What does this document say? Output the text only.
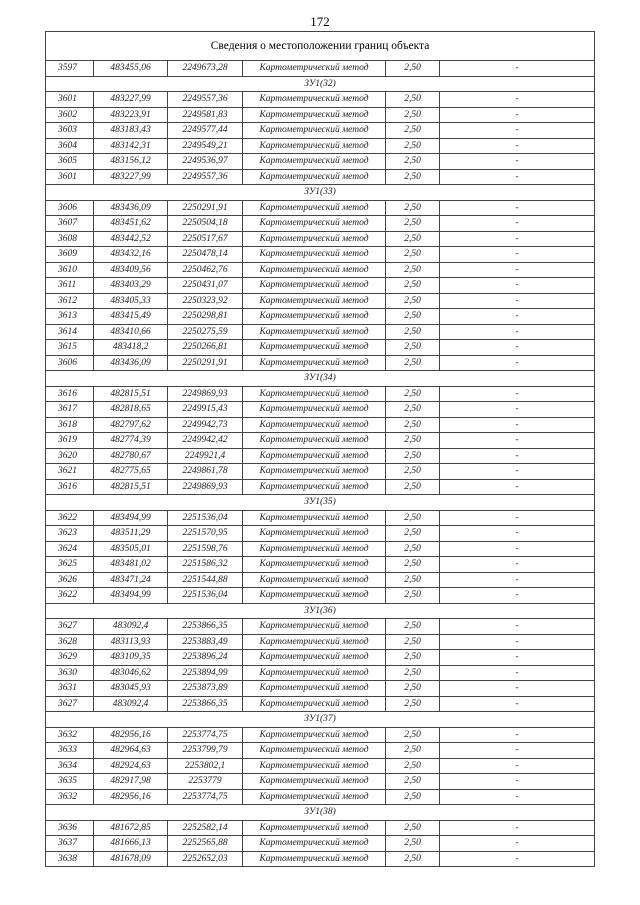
172
Сведения о местоположении границ объекта					
3597	483455,06	2249673,28	Картометрический метод	2,50	-
ЗУ1(32)					
3601	483227,99	2249557,36	Картометрический метод	2,50	-
3602	483223,91	2249581,83	Картометрический метод	2,50	-
3603	483183,43	2249577,44	Картометрический метод	2,50	-
3604	483142,31	2249549,21	Картометрический метод	2,50	-
3605	483156,12	2249536,97	Картометрический метод	2,50	-
3601	483227,99	2249557,36	Картометрический метод	2,50	-
ЗУ1(33)					
3606	483436,09	2250291,91	Картометрический метод	2,50	-
3607	483451,62	2250504,18	Картометрический метод	2,50	-
3608	483442,52	2250517,67	Картометрический метод	2,50	-
3609	483432,16	2250478,14	Картометрический метод	2,50	-
3610	483409,56	2250462,76	Картометрический метод	2,50	-
3611	483403,29	2250431,07	Картометрический метод	2,50	-
3612	483405,33	2250323,92	Картометрический метод	2,50	-
3613	483415,49	2250298,81	Картометрический метод	2,50	-
3614	483410,66	2250275,59	Картометрический метод	2,50	-
3615	483418,2	2250266,81	Картометрический метод	2,50	-
3606	483436,09	2250291,91	Картометрический метод	2,50	-
ЗУ1(34)					
3616	482815,51	2249869,93	Картометрический метод	2,50	-
3617	482818,65	2249915,43	Картометрический метод	2,50	-
3618	482797,62	2249942,73	Картометрический метод	2,50	-
3619	482774,39	2249942,42	Картометрический метод	2,50	-
3620	482780,67	2249921,4	Картометрический метод	2,50	-
3621	482775,65	2249861,78	Картометрический метод	2,50	-
3616	482815,51	2249869,93	Картометрический метод	2,50	-
ЗУ1(35)					
3622	483494,99	2251536,04	Картометрический метод	2,50	-
3623	483511,29	2251570,95	Картометрический метод	2,50	-
3624	483505,01	2251598,76	Картометрический метод	2,50	-
3625	483481,02	2251586,32	Картометрический метод	2,50	-
3626	483471,24	2251544,88	Картометрический метод	2,50	-
3622	483494,99	2251536,04	Картометрический метод	2,50	-
ЗУ1(36)					
3627	483092,4	2253866,35	Картометрический метод	2,50	-
3628	483113,93	2253883,49	Картометрический метод	2,50	-
3629	483109,35	2253896,24	Картометрический метод	2,50	-
3630	483046,62	2253894,99	Картометрический метод	2,50	-
3631	483045,93	2253873,89	Картометрический метод	2,50	-
3627	483092,4	2253866,35	Картометрический метод	2,50	-
ЗУ1(37)					
3632	482956,16	2253774,75	Картометрический метод	2,50	-
3633	482964,63	2253799,79	Картометрический метод	2,50	-
3634	482924,63	2253802,1	Картометрический метод	2,50	-
3635	482917,98	2253779	Картометрический метод	2,50	-
3632	482956,16	2253774,75	Картометрический метод	2,50	-
ЗУ1(38)					
3636	481672,85	2252582,14	Картометрический метод	2,50	-
3637	481666,13	2252565,88	Картометрический метод	2,50	-
3638	481678,09	2252652,03	Картометрический метод	2,50	-
